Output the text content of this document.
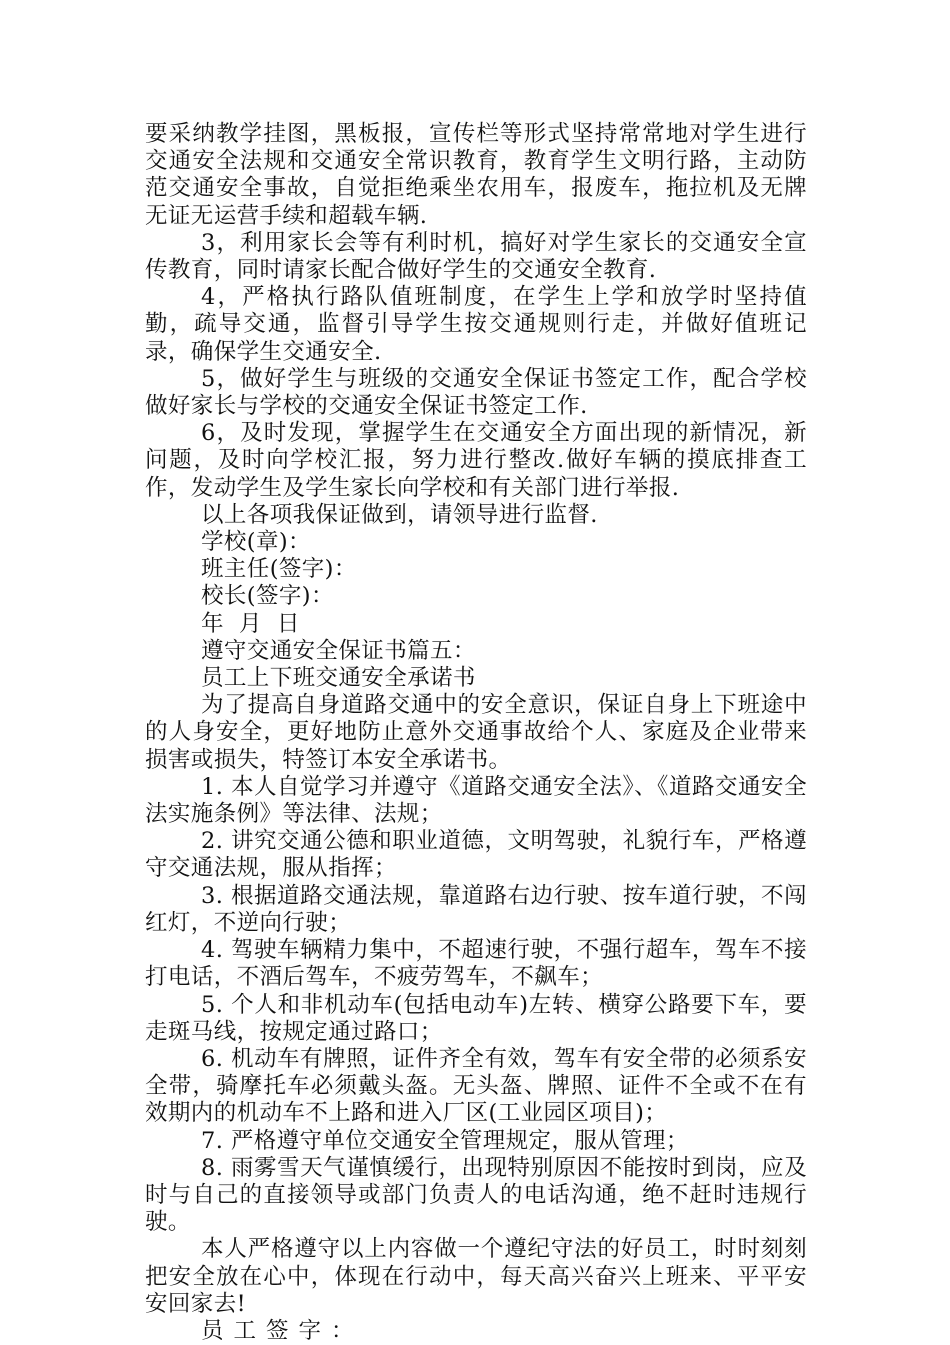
要采纳教学挂图，黑板报，宣传栏等形式坚持常常地对学生进行交通安全法规和交通安全常识教育，教育学生文明行路，主动防范交通安全事故，自觉拒绝乘坐农用车，报废车，拖拉机及无牌无证无运营手续和超载车辆.

3，利用家长会等有利时机，搞好对学生家长的交通安全宣传教育，同时请家长配合做好学生的交通安全教育.

4，严格执行路队值班制度，在学生上学和放学时坚持值勤，疏导交通，监督引导学生按交通规则行走，并做好值班记录，确保学生交通安全.

5，做好学生与班级的交通安全保证书签定工作，配合学校做好家长与学校的交通安全保证书签定工作.

6，及时发现，掌握学生在交通安全方面出现的新情况，新问题，及时向学校汇报，努力进行整改.做好车辆的摸底排查工作，发动学生及学生家长向学校和有关部门进行举报.

以上各项我保证做到，请领导进行监督.

学校(章)：

班主任(签字)：

校长(签字)：

年  月  日

遵守交通安全保证书篇五：

员工上下班交通安全承诺书

为了提高自身道路交通中的安全意识，保证自身上下班途中的人身安全，更好地防止意外交通事故给个人、家庭及企业带来损害或损失，特签订本安全承诺书。

1. 本人自觉学习并遵守《道路交通安全法》、《道路交通安全法实施条例》等法律、法规；

2. 讲究交通公德和职业道德，文明驾驶，礼貌行车，严格遵守交通法规，服从指挥；

3. 根据道路交通法规，靠道路右边行驶、按车道行驶，不闯红灯，不逆向行驶；

4. 驾驶车辆精力集中，不超速行驶，不强行超车，驾车不接打电话，不酒后驾车，不疲劳驾车，不飙车；

5. 个人和非机动车(包括电动车)左转、横穿公路要下车，要走斑马线，按规定通过路口；

6. 机动车有牌照，证件齐全有效，驾车有安全带的必须系安全带，骑摩托车必须戴头盔。无头盔、牌照、证件不全或不在有效期内的机动车不上路和进入厂区(工业园区项目)；

7. 严格遵守单位交通安全管理规定，服从管理；

8. 雨雾雪天气谨慎缓行，出现特别原因不能按时到岗，应及时与自己的直接领导或部门负责人的电话沟通，绝不赶时违规行驶。

本人严格遵守以上内容做一个遵纪守法的好员工，时时刻刻把安全放在心中，体现在行动中，每天高兴奋兴上班来、平平安安回家去!

员工签字：
